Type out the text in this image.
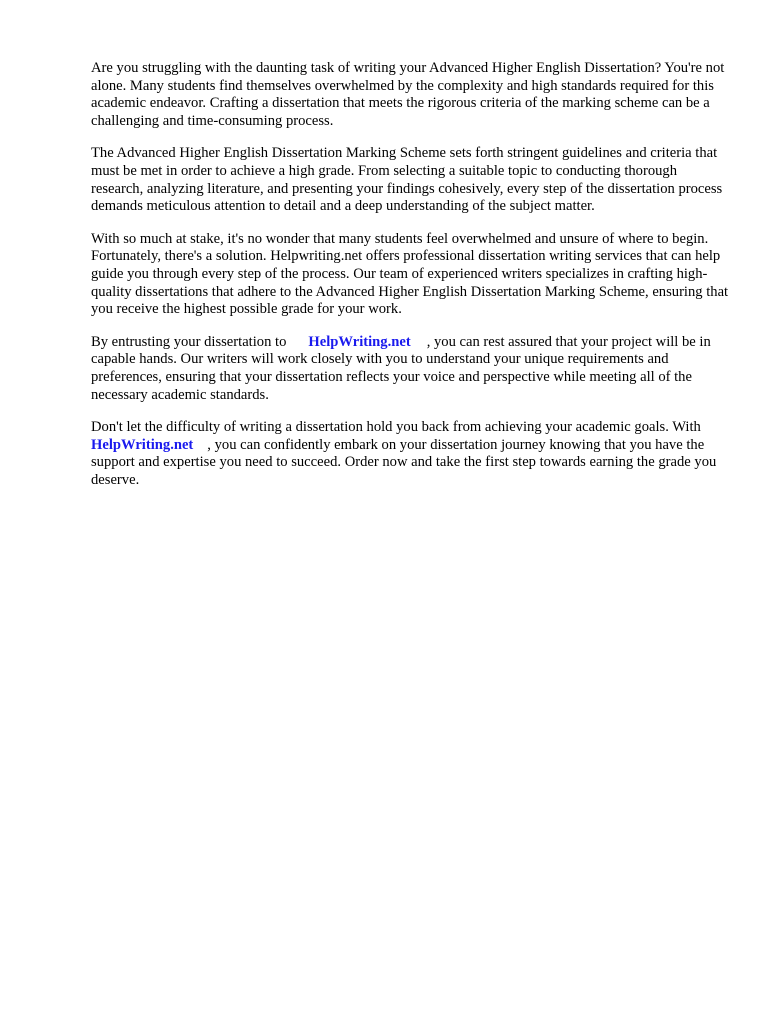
Are you struggling with the daunting task of writing your Advanced Higher English Dissertation? You're not alone. Many students find themselves overwhelmed by the complexity and high standards required for this academic endeavor. Crafting a dissertation that meets the rigorous criteria of the marking scheme can be a challenging and time-consuming process.

The Advanced Higher English Dissertation Marking Scheme sets forth stringent guidelines and criteria that must be met in order to achieve a high grade. From selecting a suitable topic to conducting thorough research, analyzing literature, and presenting your findings cohesively, every step of the dissertation process demands meticulous attention to detail and a deep understanding of the subject matter.

With so much at stake, it's no wonder that many students feel overwhelmed and unsure of where to begin. Fortunately, there's a solution. Helpwriting.net offers professional dissertation writing services that can help guide you through every step of the process. Our team of experienced writers specializes in crafting high-quality dissertations that adhere to the Advanced Higher English Dissertation Marking Scheme, ensuring that you receive the highest possible grade for your work.

By entrusting your dissertation to HelpWriting.net , you can rest assured that your project will be in capable hands. Our writers will work closely with you to understand your unique requirements and preferences, ensuring that your dissertation reflects your voice and perspective while meeting all of the necessary academic standards.

Don't let the difficulty of writing a dissertation hold you back from achieving your academic goals. WithHelpWriting.net , you can confidently embark on your dissertation journey knowing that you have the support and expertise you need to succeed. Order now and take the first step towards earning the grade you deserve.
